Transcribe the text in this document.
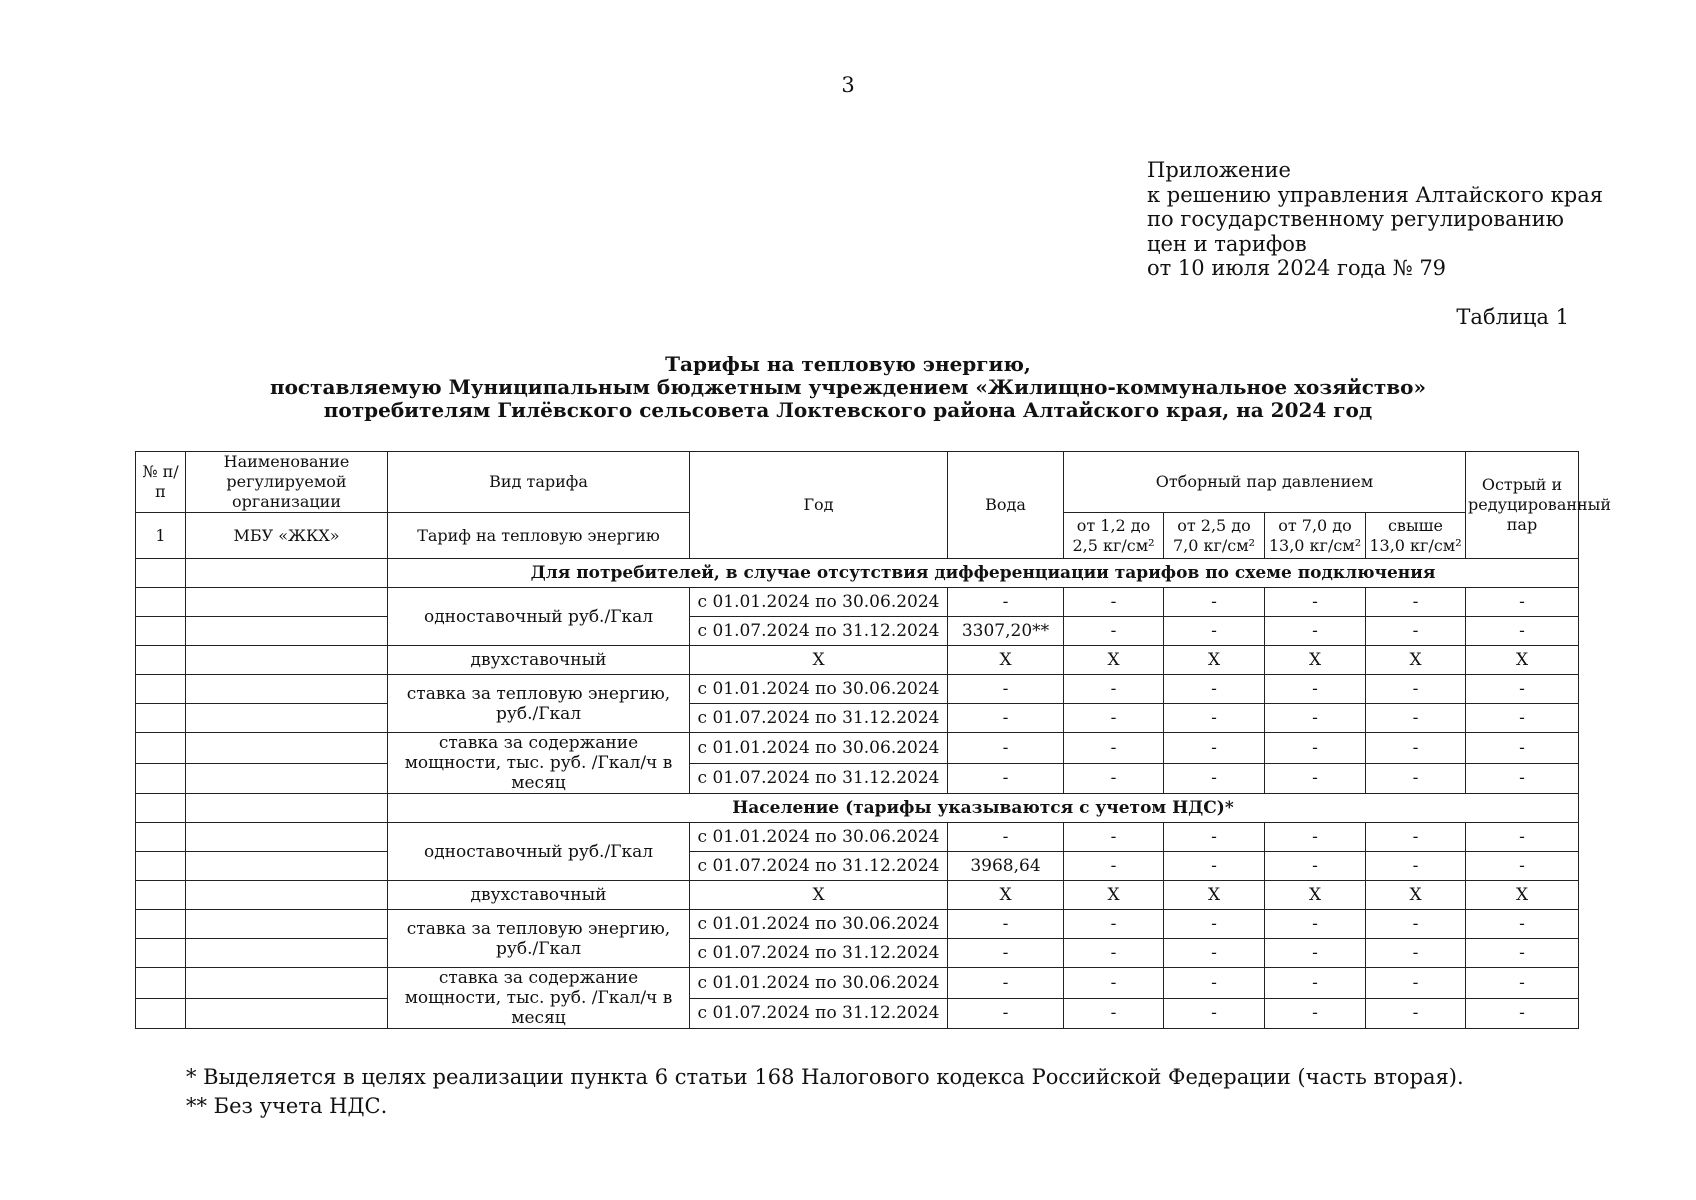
3
Приложение
к решению управления Алтайского края
по государственному регулированию
цен и тарифов
от 10 июля 2024 года № 79
Таблица 1
Тарифы на тепловую энергию,
поставляемую Муниципальным бюджетным учреждением «Жилищно-коммунальное хозяйство»
потребителям Гилёвского сельсовета Локтевского района Алтайского края, на 2024 год
№ п/п	Наименование регулируемой организации	Вид тарифа	Год	Вода	Отборный пар давлением				Острый и редуцированный пар
1	МБУ «ЖКХ»	Тариф на тепловую энергию			от 1,2 до 2,5 кг/см²	от 2,5 до 7,0 кг/см²	от 7,0 до 13,0 кг/см²	свыше 13,0 кг/см²	
		Для потребителей, в случае отсутствия дифференциации тарифов по схеме подключения							
		одноставочный руб./Гкал	с 01.01.2024 по 30.06.2024	-	-	-	-	-	-
			с 01.07.2024 по 31.12.2024	3307,20**	-	-	-	-	-
		двухставочный	X	X	X	X	X	X	X
		ставка за тепловую энергию, руб./Гкал	с 01.01.2024 по 30.06.2024	-	-	-	-	-	-
			с 01.07.2024 по 31.12.2024	-	-	-	-	-	-
		ставка за содержание мощности, тыс. руб. /Гкал/ч в месяц	с 01.01.2024 по 30.06.2024	-	-	-	-	-	-
			с 01.07.2024 по 31.12.2024	-	-	-	-	-	-
		Население (тарифы указываются с учетом НДС)*							
		одноставочный руб./Гкал	с 01.01.2024 по 30.06.2024	-	-	-	-	-	-
			с 01.07.2024 по 31.12.2024	3968,64	-	-	-	-	-
		двухставочный	X	X	X	X	X	X	X
		ставка за тепловую энергию, руб./Гкал	с 01.01.2024 по 30.06.2024	-	-	-	-	-	-
			с 01.07.2024 по 31.12.2024	-	-	-	-	-	-
		ставка за содержание мощности, тыс. руб. /Гкал/ч в месяц	с 01.01.2024 по 30.06.2024	-	-	-	-	-	-
			с 01.07.2024 по 31.12.2024	-	-	-	-	-	-
* Выделяется в целях реализации пункта 6 статьи 168 Налогового кодекса Российской Федерации (часть вторая).
** Без учета НДС.
